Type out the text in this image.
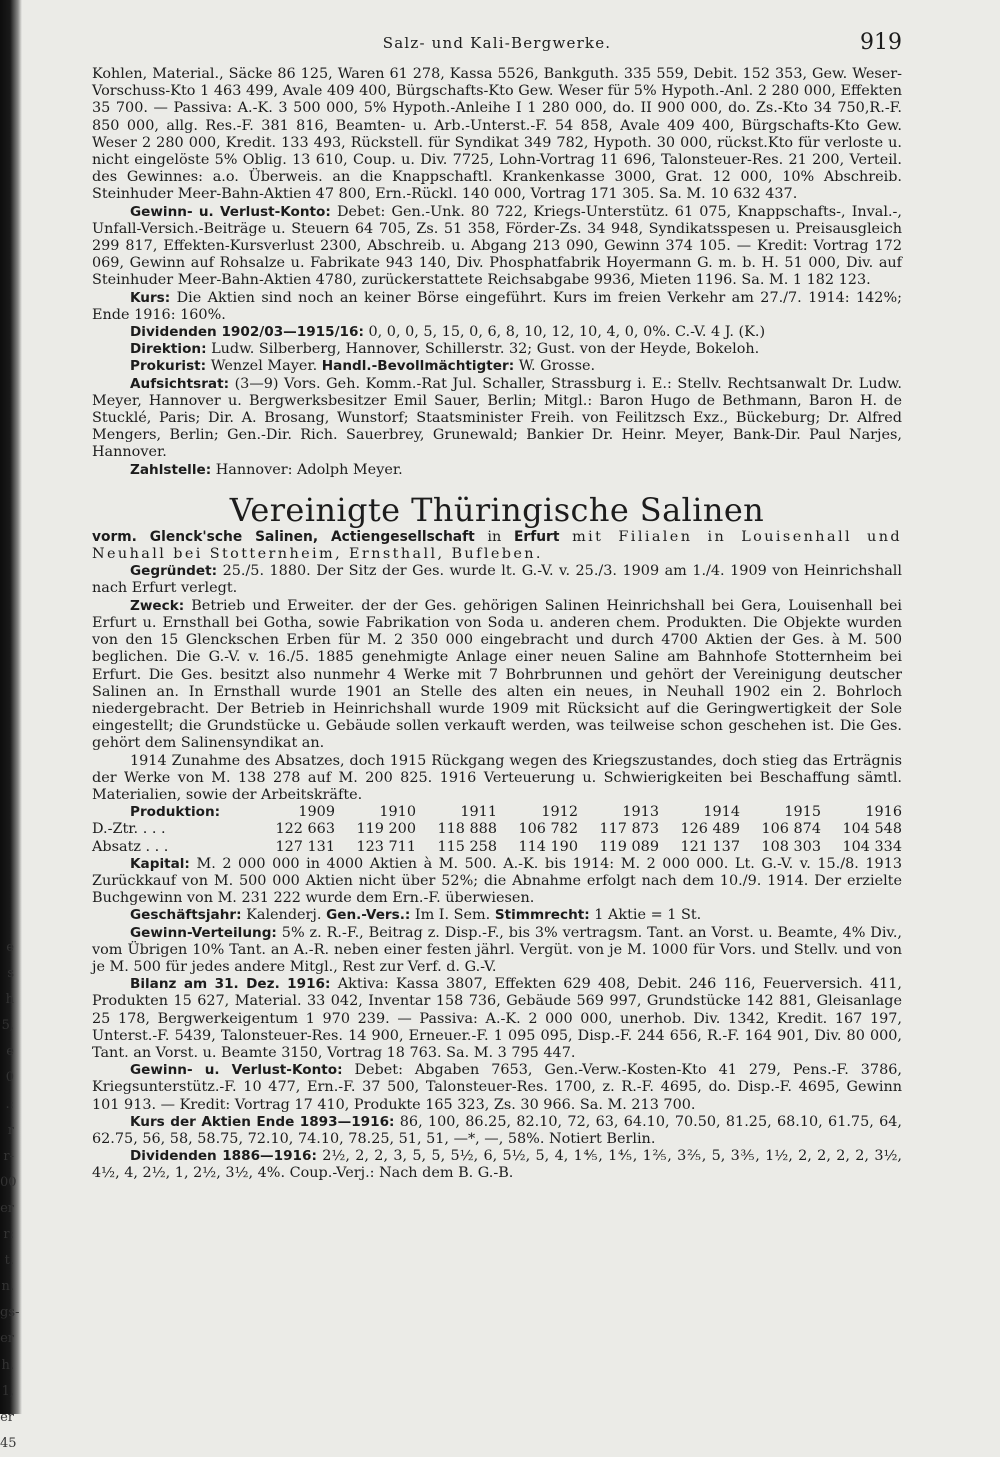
e
s
h
5,
e
0
.:
r
r-
00
er
r:
t.
n.
gs-
er
h.
1,
er
45
Salz- und Kali-Bergwerke.	919

Kohlen, Material., Säcke 86 125, Waren 61 278, Kassa 5526, Bankguth. 335 559, Debit. 152 353, Gew. Weser-Vorschuss-Kto 1 463 499, Avale 409 400, Bürgschafts-Kto Gew. Weser für 5% Hypoth.-Anl. 2 280 000, Effekten 35 700. — Passiva: A.-K. 3 500 000, 5% Hypoth.-Anleihe I 1 280 000, do. II 900 000, do. Zs.-Kto 34 750,R.-F. 850 000, allg. Res.-F. 381 816, Beamten- u. Arb.-Unterst.-F. 54 858, Avale 409 400, Bürgschafts-Kto Gew. Weser 2 280 000, Kredit. 133 493, Rückstell. für Syndikat 349 782, Hypoth. 30 000, rückst.Kto für verloste u. nicht eingelöste 5% Oblig. 13 610, Coup. u. Div. 7725, Lohn-Vortrag 11 696, Talonsteuer-Res. 21 200, Verteil. des Gewinnes: a.o. Überweis. an die Knappschaftl. Krankenkasse 3000, Grat. 12 000, 10% Abschreib. Steinhuder Meer-Bahn-Aktien 47 800, Ern.-Rückl. 140 000, Vortrag 171 305. Sa. M. 10 632 437.

Gewinn- u. Verlust-Konto: Debet: Gen.-Unk. 80 722, Kriegs-Unterstütz. 61 075, Knappschafts-, Inval.-, Unfall-Versich.-Beiträge u. Steuern 64 705, Zs. 51 358, Förder-Zs. 34 948, Syndikatsspesen u. Preisausgleich 299 817, Effekten-Kursverlust 2300, Abschreib. u. Abgang 213 090, Gewinn 374 105. — Kredit: Vortrag 172 069, Gewinn auf Rohsalze u. Fabrikate 943 140, Div. Phosphatfabrik Hoyermann G. m. b. H. 51 000, Div. auf Steinhuder Meer-Bahn-Aktien 4780, zurückerstattete Reichsabgabe 9936, Mieten 1196. Sa. M. 1 182 123.

Kurs: Die Aktien sind noch an keiner Börse eingeführt. Kurs im freien Verkehr am 27./7. 1914: 142%; Ende 1916: 160%.

Dividenden 1902/03—1915/16: 0, 0, 0, 5, 15, 0, 6, 8, 10, 12, 10, 4, 0, 0%. C.-V. 4 J. (K.)

Direktion: Ludw. Silberberg, Hannover, Schillerstr. 32; Gust. von der Heyde, Bokeloh.

Prokurist: Wenzel Mayer. Handl.-Bevollmächtigter: W. Grosse.

Aufsichtsrat: (3—9) Vors. Geh. Komm.-Rat Jul. Schaller, Strassburg i. E.: Stellv. Rechtsanwalt Dr. Ludw. Meyer, Hannover u. Bergwerksbesitzer Emil Sauer, Berlin; Mitgl.: Baron Hugo de Bethmann, Baron H. de Stucklé, Paris; Dir. A. Brosang, Wunstorf; Staatsminister Freih. von Feilitzsch Exz., Bückeburg; Dr. Alfred Mengers, Berlin; Gen.-Dir. Rich. Sauerbrey, Grunewald; Bankier Dr. Heinr. Meyer, Bank-Dir. Paul Narjes, Hannover.

Zahlstelle: Hannover: Adolph Meyer.

Vereinigte Thüringische Salinen

vorm. Glenck'sche Salinen, Actiengesellschaft in Erfurt mit Filialen in Louisenhall und Neuhall bei Stotternheim, Ernsthall, Bufleben.

Gegründet: 25./5. 1880. Der Sitz der Ges. wurde lt. G.-V. v. 25./3. 1909 am 1./4. 1909 von Heinrichshall nach Erfurt verlegt.

Zweck: Betrieb und Erweiter. der der Ges. gehörigen Salinen Heinrichshall bei Gera, Louisenhall bei Erfurt u. Ernsthall bei Gotha, sowie Fabrikation von Soda u. anderen chem. Produkten. Die Objekte wurden von den 15 Glenckschen Erben für M. 2 350 000 eingebracht und durch 4700 Aktien der Ges. à M. 500 beglichen. Die G.-V. v. 16./5. 1885 genehmigte Anlage einer neuen Saline am Bahnhofe Stotternheim bei Erfurt. Die Ges. besitzt also nunmehr 4 Werke mit 7 Bohrbrunnen und gehört der Vereinigung deutscher Salinen an. In Ernsthall wurde 1901 an Stelle des alten ein neues, in Neuhall 1902 ein 2. Bohrloch niedergebracht. Der Betrieb in Heinrichshall wurde 1909 mit Rücksicht auf die Geringwertigkeit der Sole eingestellt; die Grundstücke u. Gebäude sollen verkauft werden, was teilweise schon geschehen ist. Die Ges. gehört dem Salinensyndikat an.

1914 Zunahme des Absatzes, doch 1915 Rückgang wegen des Kriegszustandes, doch stieg das Erträgnis der Werke von M. 138 278 auf M. 200 825. 1916 Verteuerung u. Schwierigkeiten bei Beschaffung sämtl. Materialien, sowie der Arbeitskräfte.

Produktion:	1909	1910	1911	1912	1913	1914	1915	1916
D.-Ztr. . . .	122 663	119 200	118 888	106 782	117 873	126 489	106 874	104 548
Absatz . . .	127 131	123 711	115 258	114 190	119 089	121 137	108 303	104 334

Kapital: M. 2 000 000 in 4000 Aktien à M. 500. A.-K. bis 1914: M. 2 000 000. Lt. G.-V. v. 15./8. 1913 Zurückkauf von M. 500 000 Aktien nicht über 52%; die Abnahme erfolgt nach dem 10./9. 1914. Der erzielte Buchgewinn von M. 231 222 wurde dem Ern.-F. überwiesen.

Geschäftsjahr: Kalenderj. Gen.-Vers.: Im I. Sem. Stimmrecht: 1 Aktie = 1 St.

Gewinn-Verteilung: 5% z. R.-F., Beitrag z. Disp.-F., bis 3% vertragsm. Tant. an Vorst. u. Beamte, 4% Div., vom Übrigen 10% Tant. an A.-R. neben einer festen jährl. Vergüt. von je M. 1000 für Vors. und Stellv. und von je M. 500 für jedes andere Mitgl., Rest zur Verf. d. G.-V.

Bilanz am 31. Dez. 1916: Aktiva: Kassa 3807, Effekten 629 408, Debit. 246 116, Feuerversich. 411, Produkten 15 627, Material. 33 042, Inventar 158 736, Gebäude 569 997, Grundstücke 142 881, Gleisanlage 25 178, Bergwerkeigentum 1 970 239. — Passiva: A.-K. 2 000 000, unerhob. Div. 1342, Kredit. 167 197, Unterst.-F. 5439, Talonsteuer-Res. 14 900, Erneuer.-F. 1 095 095, Disp.-F. 244 656, R.-F. 164 901, Div. 80 000, Tant. an Vorst. u. Beamte 3150, Vortrag 18 763. Sa. M. 3 795 447.

Gewinn- u. Verlust-Konto: Debet: Abgaben 7653, Gen.-Verw.-Kosten-Kto 41 279, Pens.-F. 3786, Kriegsunterstütz.-F. 10 477, Ern.-F. 37 500, Talonsteuer-Res. 1700, z. R.-F. 4695, do. Disp.-F. 4695, Gewinn 101 913. — Kredit: Vortrag 17 410, Produkte 165 323, Zs. 30 966. Sa. M. 213 700.

Kurs der Aktien Ende 1893—1916: 86, 100, 86.25, 82.10, 72, 63, 64.10, 70.50, 81.25, 68.10, 61.75, 64, 62.75, 56, 58, 58.75, 72.10, 74.10, 78.25, 51, 51, —*, —, 58%. Notiert Berlin.

Dividenden 1886—1916: 2½, 2, 2, 3, 5, 5, 5½, 6, 5½, 5, 4, 1⅘, 1⅘, 1⅖, 3⅖, 5, 3⅗, 1½, 2, 2, 2, 2, 3½, 4½, 4, 2½, 1, 2½, 3½, 4%. Coup.-Verj.: Nach dem B. G.-B.
